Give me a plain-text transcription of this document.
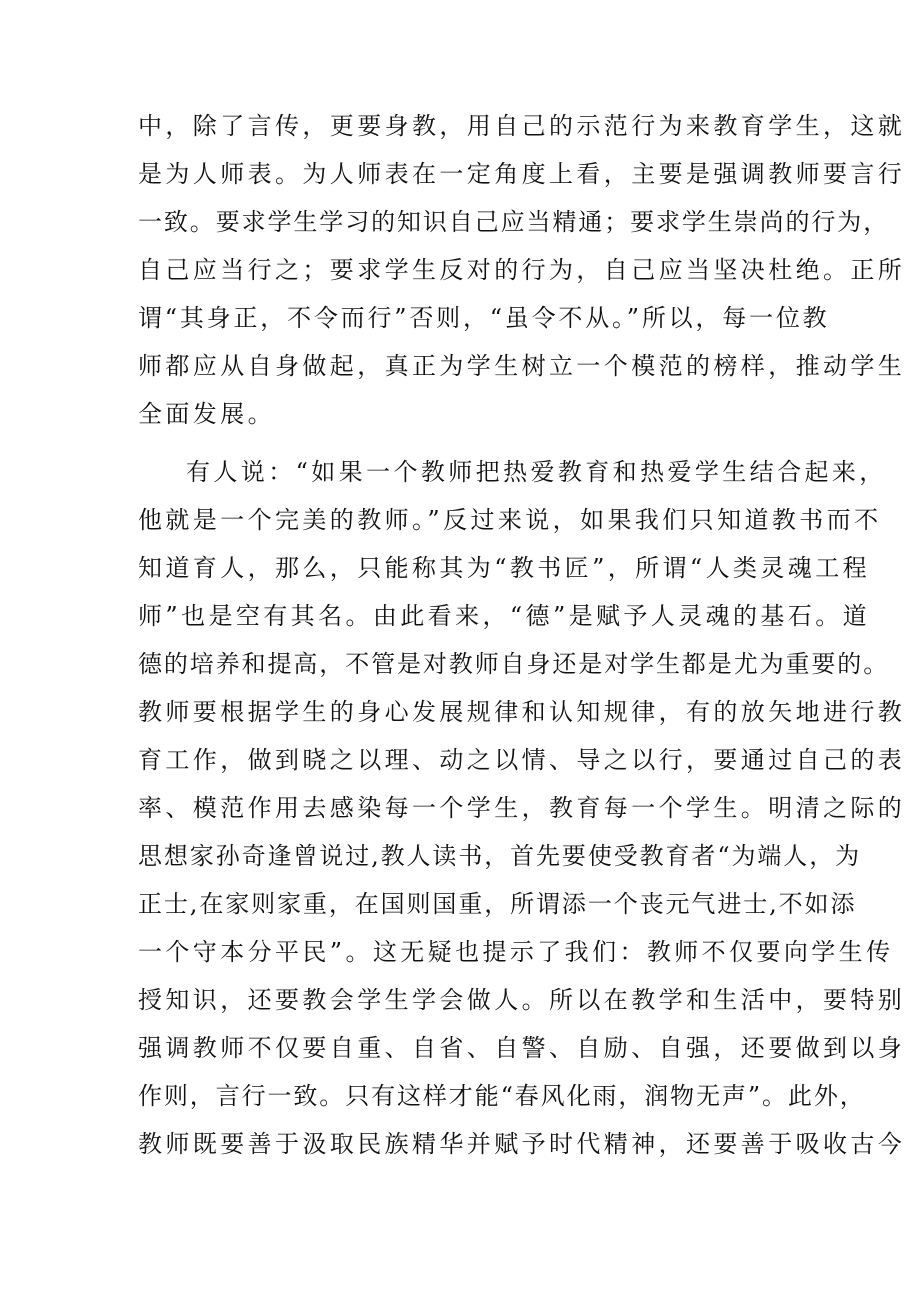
中，除了言传，更要身教，用自己的示范行为来教育学生，这就
是为人师表。为人师表在一定角度上看，主要是强调教师要言行
一致。要求学生学习的知识自己应当精通；要求学生崇尚的行为，
自己应当行之；要求学生反对的行为，自己应当坚决杜绝。正所
谓“其身正，不令而行”否则，“虽令不从。”所以，每一位教
师都应从自身做起，真正为学生树立一个模范的榜样，推动学生
全面发展。
有人说：“如果一个教师把热爱教育和热爱学生结合起来，
他就是一个完美的教师。”反过来说，如果我们只知道教书而不
知道育人，那么，只能称其为“教书匠”，所谓“人类灵魂工程
师”也是空有其名。由此看来，“德”是赋予人灵魂的基石。道
德的培养和提高，不管是对教师自身还是对学生都是尤为重要的。
教师要根据学生的身心发展规律和认知规律，有的放矢地进行教
育工作，做到晓之以理、动之以情、导之以行，要通过自己的表
率、模范作用去感染每一个学生，教育每一个学生。明清之际的
思想家孙奇逢曾说过,教人读书，首先要使受教育者“为端人，为
正士,在家则家重，在国则国重，所谓添一个丧元气进士,不如添
一个守本分平民”。这无疑也提示了我们：教师不仅要向学生传
授知识，还要教会学生学会做人。所以在教学和生活中，要特别
强调教师不仅要自重、自省、自警、自励、自强，还要做到以身
作则，言行一致。只有这样才能“春风化雨，润物无声”。此外，
教师既要善于汲取民族精华并赋予时代精神，还要善于吸收古今
